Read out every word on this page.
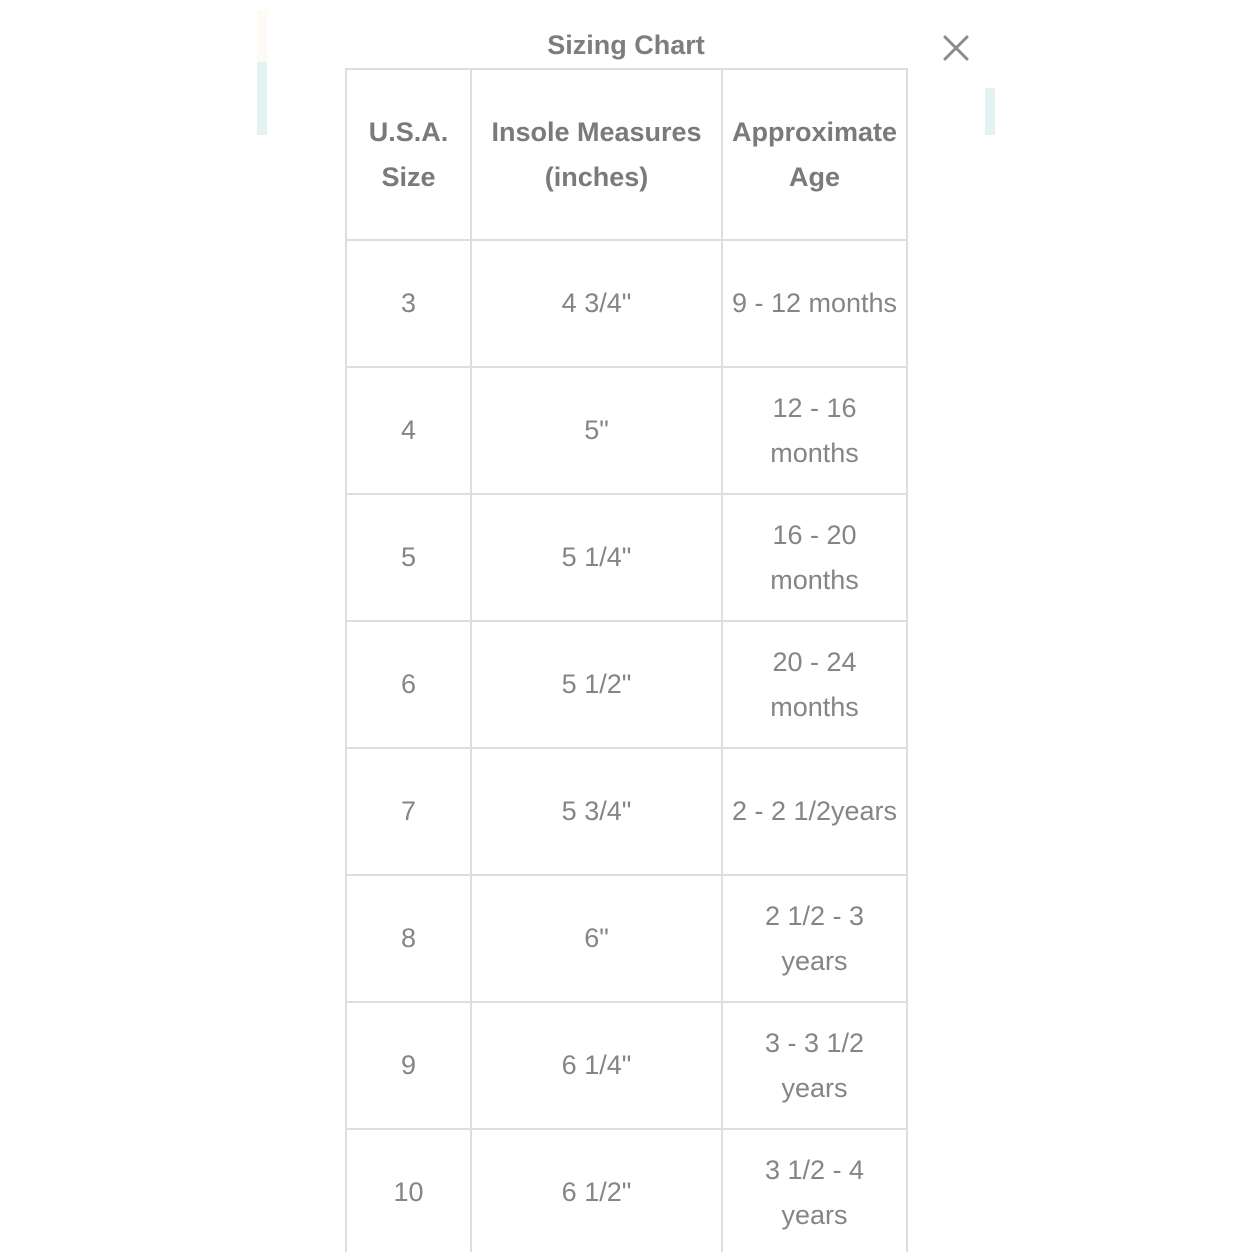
Sizing Chart
U.S.A. Size	Insole Measures (inches)	Approximate Age
3	4 3/4"	9 - 12 months
4	5"	12 - 16 months
5	5 1/4"	16 - 20 months
6	5 1/2"	20 - 24 months
7	5 3/4"	2 - 2 1/2years
8	6"	2 1/2 - 3 years
9	6 1/4"	3 - 3 1/2 years
10	6 1/2"	3 1/2 - 4 years
